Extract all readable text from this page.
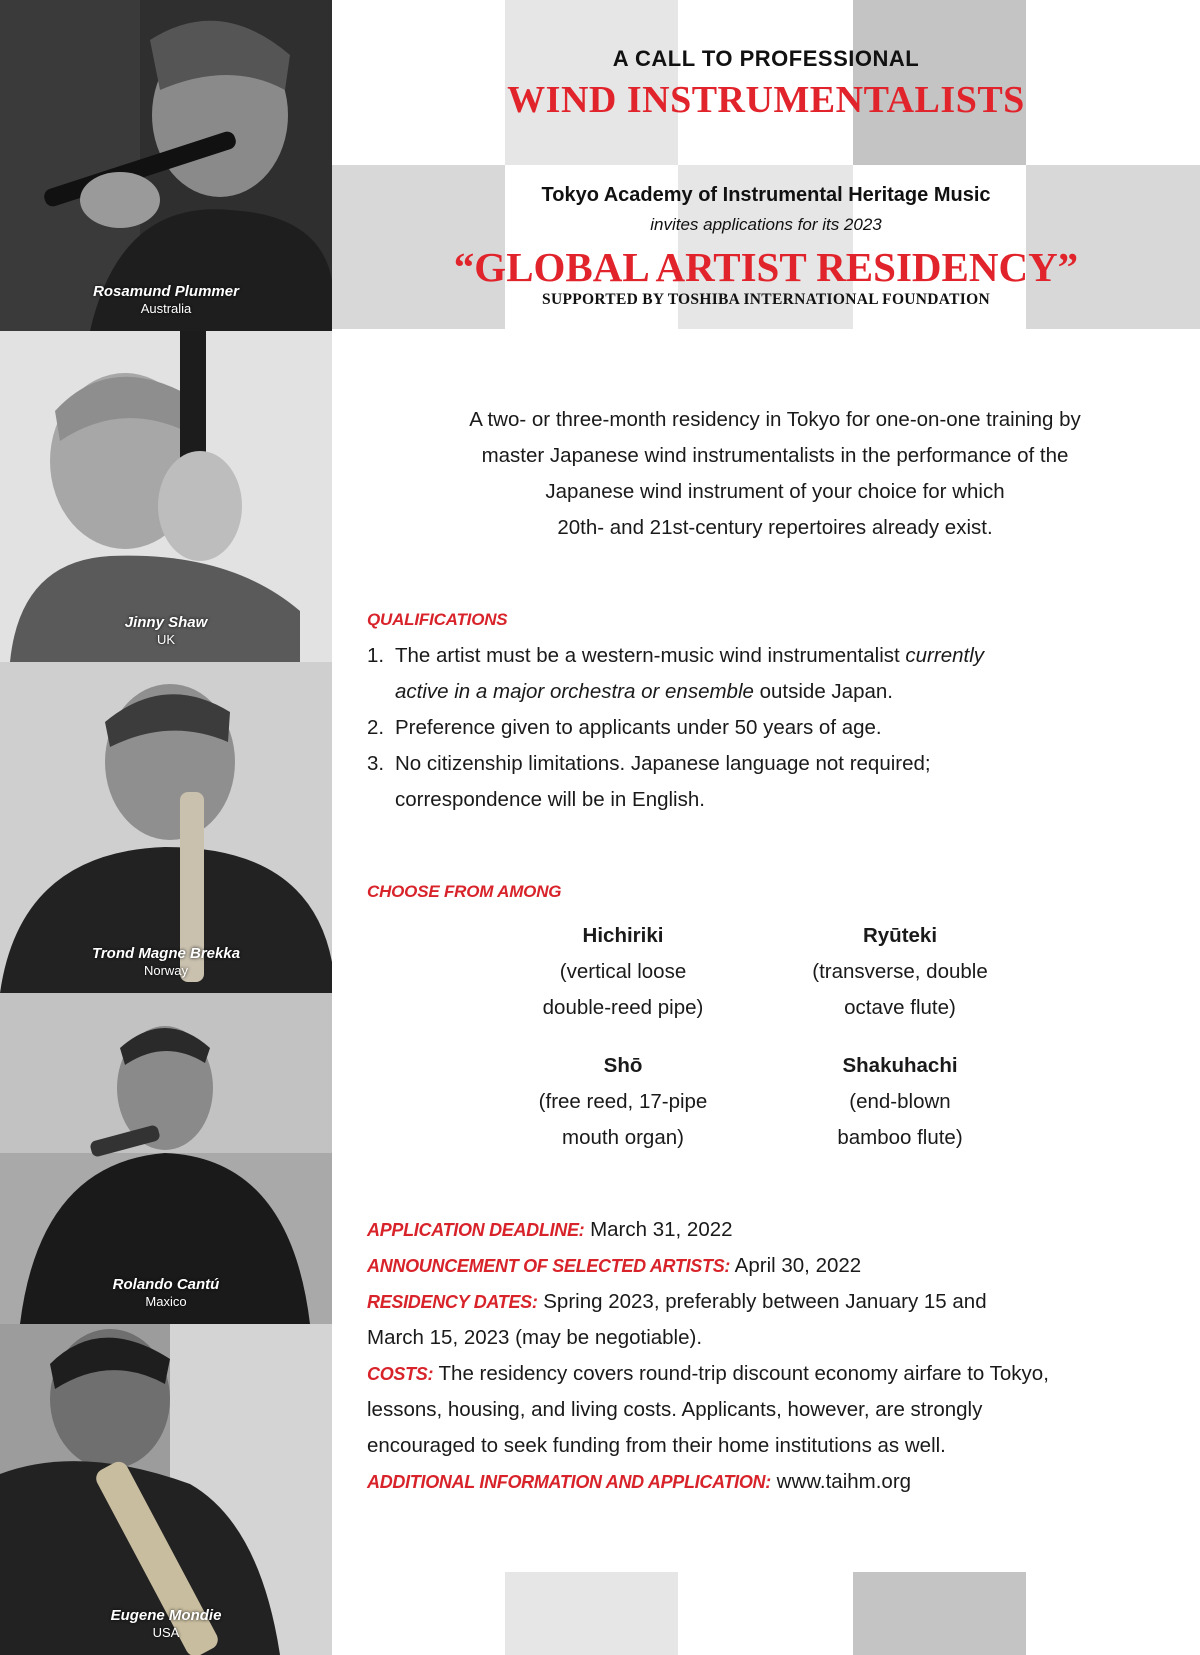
Rosamund Plummer
Australia
Jinny Shaw
UK
Trond Magne Brekka
Norway
Rolando Cantú
Maxico
Eugene Mondie
USA
A CALL TO PROFESSIONAL
WIND INSTRUMENTALISTS
Tokyo Academy of Instrumental Heritage Music
invites applications for its 2023
“GLOBAL ARTIST RESIDENCY”
SUPPORTED BY TOSHIBA INTERNATIONAL FOUNDATION
A two- or three-month residency in Tokyo for one-on-one training by
master Japanese wind instrumentalists in the performance of the
Japanese wind instrument of your choice for which
20th- and 21st-century repertoires already exist.
QUALIFICATIONS
1. The artist must be a western-music wind instrumentalist currently
active in a major orchestra or ensemble outside Japan.
2. Preference given to applicants under 50 years of age.
3. No citizenship limitations. Japanese language not required;
correspondence will be in English.
CHOOSE FROM AMONG
Hichiriki
(vertical loose
double-reed pipe)
Ryūteki
(transverse, double
octave flute)
Shō
(free reed, 17-pipe
mouth organ)
Shakuhachi
(end-blown
bamboo flute)
APPLICATION DEADLINE: March 31, 2022
ANNOUNCEMENT OF SELECTED ARTISTS: April 30, 2022
RESIDENCY DATES: Spring 2023, preferably between January 15 and
March 15, 2023 (may be negotiable).
COSTS: The residency covers round-trip discount economy airfare to Tokyo,
lessons, housing, and living costs. Applicants, however, are strongly
encouraged to seek funding from their home institutions as well.
ADDITIONAL INFORMATION AND APPLICATION: www.taihm.org
